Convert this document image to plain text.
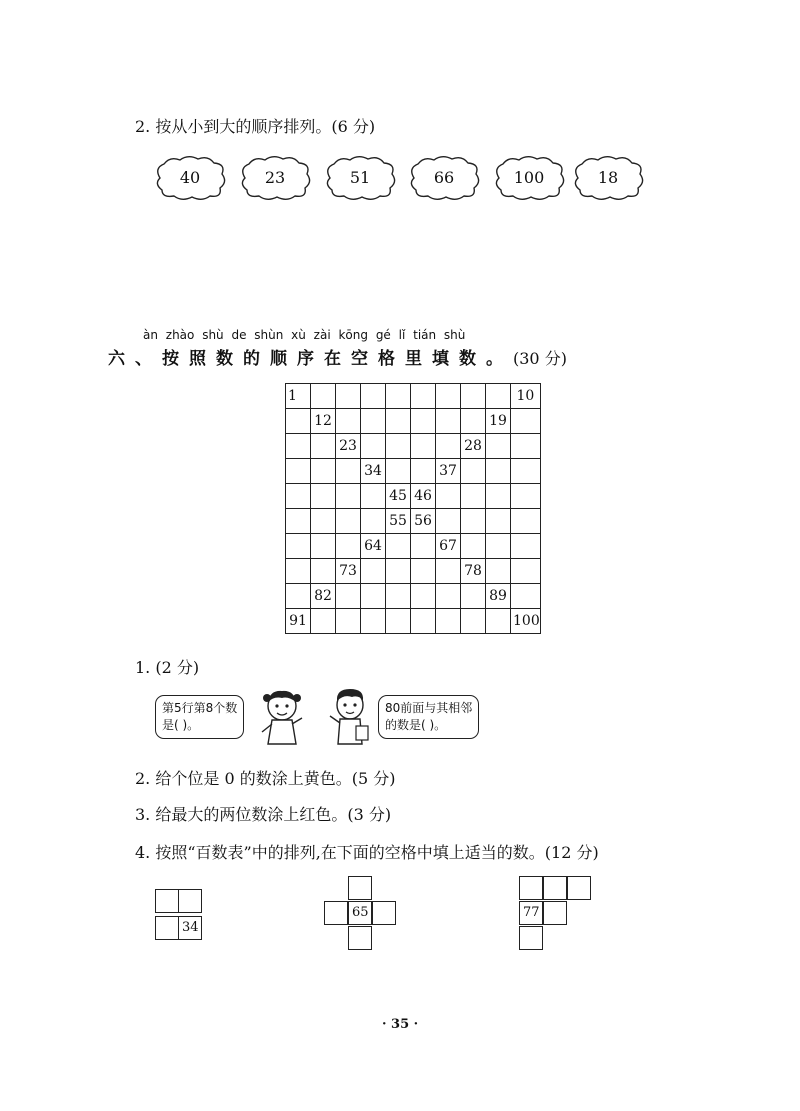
2. 按从小到大的顺序排列。(6 分)
40	23	51	66	100	18
àn zhào shù de shùn xù zài kōng gé lǐ tián shù
六、按照数的顺序在空格里填数。 (30 分)
1									10
	12							19	
		23					28		
			34			37			
				45	46				
				55	56				
			64			67			
		73					78		
	82							89	
91									100
1. (2 分)
第5行第8个数
是( )。
80前面与其相邻
的数是( )。
2. 给个位是 0 的数涂上黄色。(5 分)
3. 给最大的两位数涂上红色。(3 分)
4. 按照“百数表”中的排列,在下面的空格中填上适当的数。(12 分)
34
65	77
· 35 ·
